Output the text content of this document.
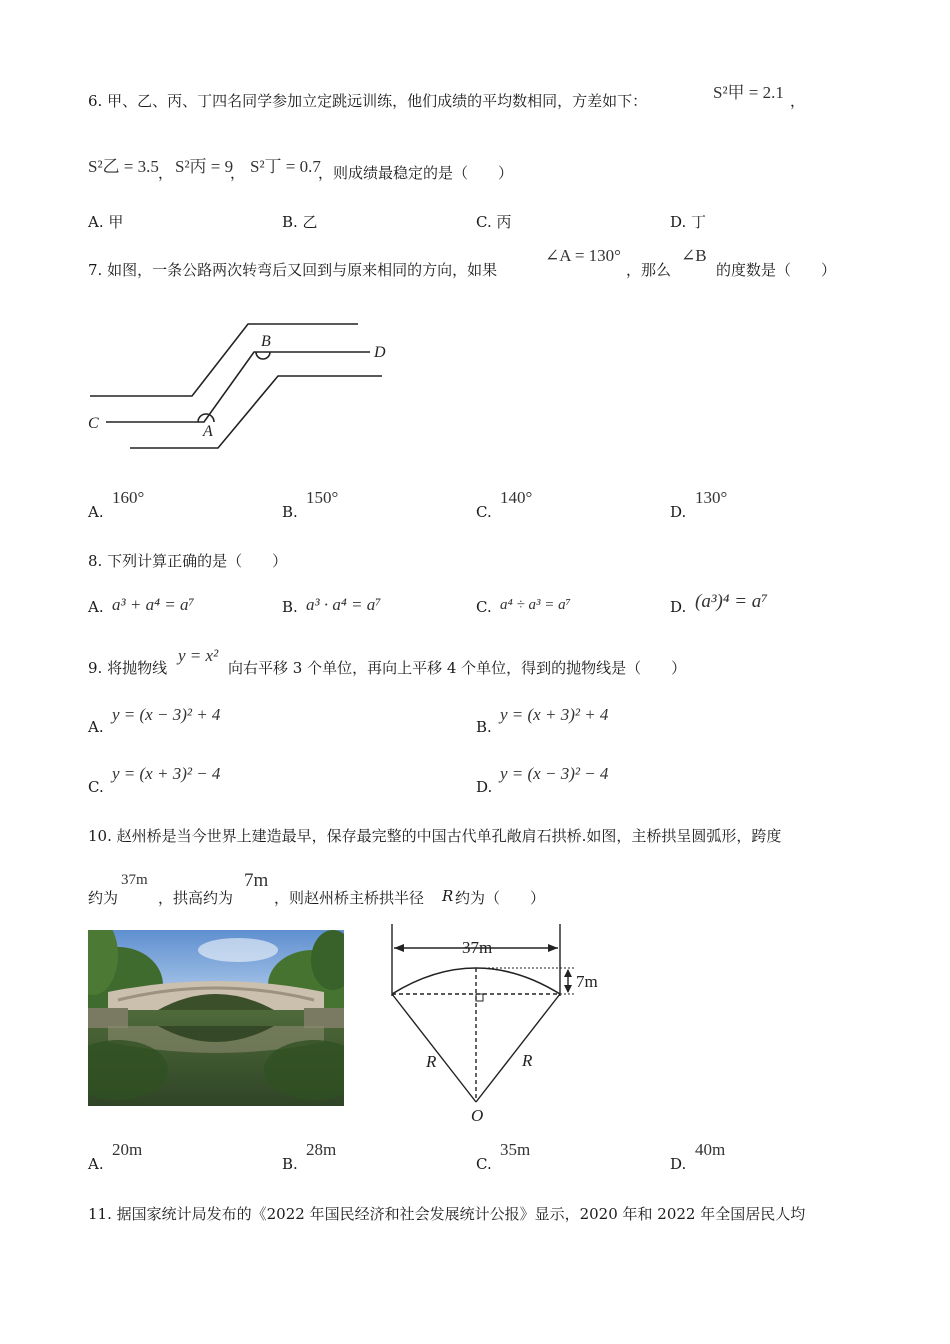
6. 甲、乙、丙、丁四名同学参加立定跳远训练，他们成绩的平均数相同，方差如下：	S²甲 = 2.1 ，
S²乙 = 3.5 ， S²丙 = 9
， S²丁 = 0.7
，则成绩最稳定的是（　　）
A. 甲	B. 乙	C. 丙	D. 丁
7. 如图，一条公路两次转弯后又回到与原来相同的方向，如果
∠A = 130°
，那么
∠B
的度数是（　　）
B
D
C	A
A.
160°
B.
150°
C.
140°
D.
130°
8. 下列计算正确的是（　　）
A. a³ + a⁴ = a⁷	B. a³ · a⁴ = a⁷	C. a⁴ ÷ a³ = a⁷	D. (a³)⁴ = a⁷
9. 将抛物线
y = x²
向右平移 3 个单位，再向上平移 4 个单位，得到的抛物线是（　　）
A.
y = (x − 3)² + 4
B.
y = (x + 3)² + 4
C.
y = (x + 3)² − 4
D.
y = (x − 3)² − 4
10. 赵州桥是当今世界上建造最早，保存最完整的中国古代单孔敞肩石拱桥.如图，主桥拱呈圆弧形，跨度
约为
37m
，拱高约为
7m
，则赵州桥主桥拱半径 R 约为（　　）
37m
7m
R	R
O
A.
20m
B.
28m
C.
35m
D.
40m
11. 据国家统计局发布的《2022 年国民经济和社会发展统计公报》显示，2020 年和 2022 年全国居民人均
